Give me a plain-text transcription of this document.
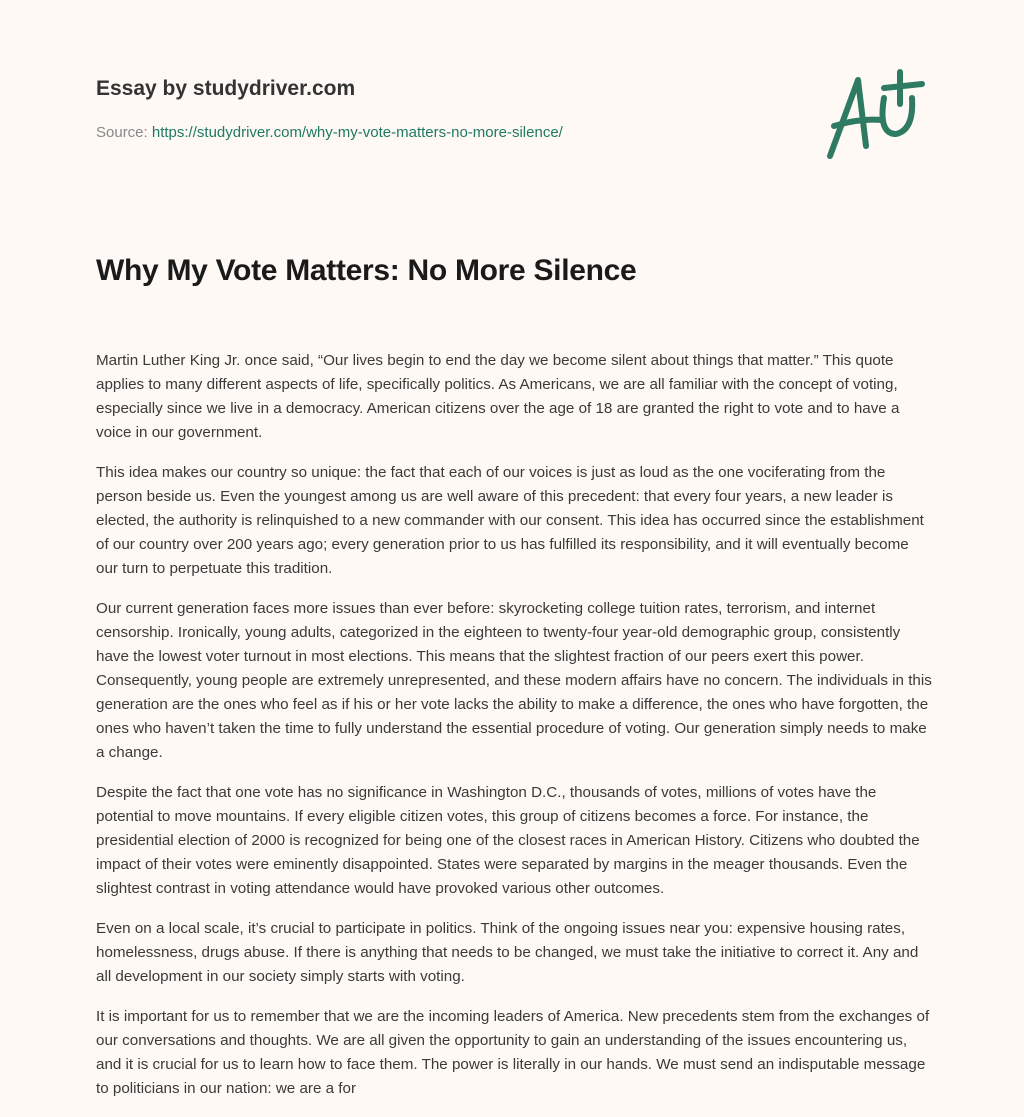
Essay by studydriver.com
Source: https://studydriver.com/why-my-vote-matters-no-more-silence/
Why My Vote Matters: No More Silence

Martin Luther King Jr. once said, “Our lives begin to end the day we become silent about things that matter.” This quote applies to many different aspects of life, specifically politics. As Americans, we are all familiar with the concept of voting, especially since we live in a democracy. American citizens over the age of 18 are granted the right to vote and to have a voice in our government.

This idea makes our country so unique: the fact that each of our voices is just as loud as the one vociferating from the person beside us. Even the youngest among us are well aware of this precedent: that every four years, a new leader is elected, the authority is relinquished to a new commander with our consent. This idea has occurred since the establishment of our country over 200 years ago; every generation prior to us has fulfilled its responsibility, and it will eventually become our turn to perpetuate this tradition.

Our current generation faces more issues than ever before: skyrocketing college tuition rates, terrorism, and internet censorship. Ironically, young adults, categorized in the eighteen to twenty-four year-old demographic group, consistently have the lowest voter turnout in most elections. This means that the slightest fraction of our peers exert this power. Consequently, young people are extremely unrepresented, and these modern affairs have no concern. The individuals in this generation are the ones who feel as if his or her vote lacks the ability to make a difference, the ones who have forgotten, the ones who haven’t taken the time to fully understand the essential procedure of voting. Our generation simply needs to make a change.

Despite the fact that one vote has no significance in Washington D.C., thousands of votes, millions of votes have the potential to move mountains. If every eligible citizen votes, this group of citizens becomes a force. For instance, the presidential election of 2000 is recognized for being one of the closest races in American History. Citizens who doubted the impact of their votes were eminently disappointed. States were separated by margins in the meager thousands. Even the slightest contrast in voting attendance would have provoked various other outcomes.

Even on a local scale, it’s crucial to participate in politics. Think of the ongoing issues near you: expensive housing rates, homelessness, drugs abuse. If there is anything that needs to be changed, we must take the initiative to correct it. Any and all development in our society simply starts with voting.

It is important for us to remember that we are the incoming leaders of America. New precedents stem from the exchanges of our conversations and thoughts. We are all given the opportunity to gain an understanding of the issues encountering us, and it is crucial for us to learn how to face them. The power is literally in our hands. We must send an indisputable message to politicians in our nation: we are a for
